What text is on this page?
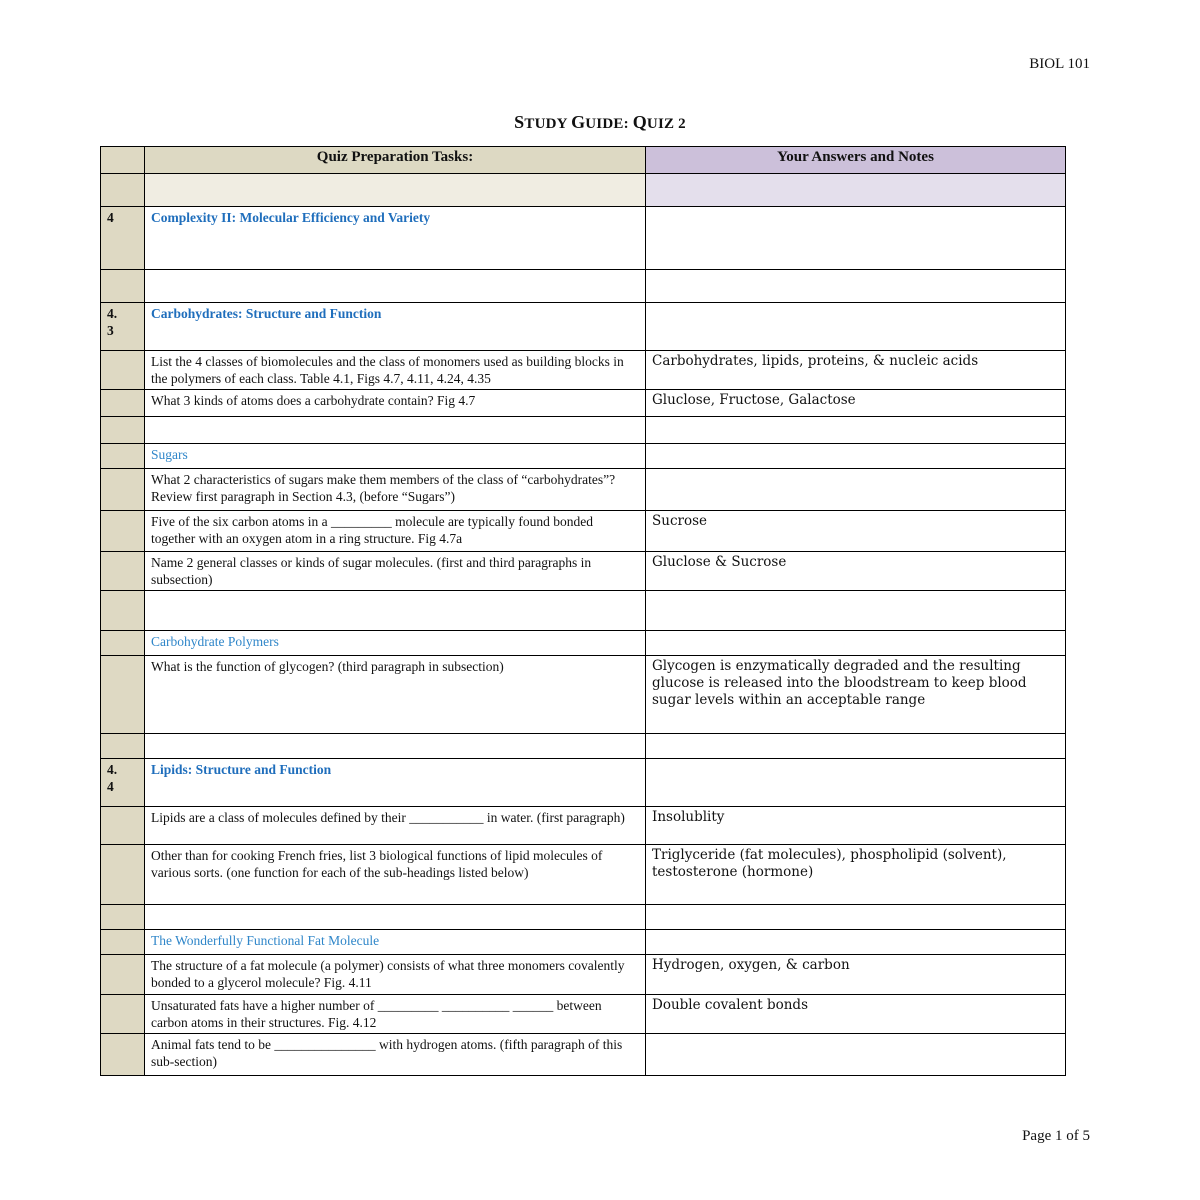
BIOL 101
STUDY GUIDE: QUIZ 2
	Quiz Preparation Tasks:	Your Answers and Notes

4	Complexity II: Molecular Efficiency and Variety	

4.
3	Carbohydrates: Structure and Function	
	List the 4 classes of biomolecules and the class of monomers used as building blocks in the polymers of each class. Table 4.1, Figs 4.7, 4.11, 4.24, 4.35	Carbohydrates, lipids, proteins, & nucleic acids
	What 3 kinds of atoms does a carbohydrate contain? Fig 4.7	Gluclose, Fructose, Galactose

	Sugars	
	What 2 characteristics of sugars make them members of the class of “carbohydrates”? Review first paragraph in Section 4.3, (before “Sugars”)	
	Five of the six carbon atoms in a _________ molecule are typically found bonded together with an oxygen atom in a ring structure. Fig 4.7a	Sucrose
	Name 2 general classes or kinds of sugar molecules. (first and third paragraphs in subsection)	Gluclose & Sucrose

	Carbohydrate Polymers	
	What is the function of glycogen? (third paragraph in subsection)	Glycogen is enzymatically degraded and the resulting glucose is released into the bloodstream to keep blood sugar levels within an acceptable range

4.
4	Lipids: Structure and Function	
	Lipids are a class of molecules defined by their ___________ in water. (first paragraph)	Insolublity
	Other than for cooking French fries, list 3 biological functions of lipid molecules of various sorts. (one function for each of the sub-headings listed below)	Triglyceride (fat molecules), phospholipid (solvent), testosterone (hormone)

	The Wonderfully Functional Fat Molecule	
	The structure of a fat molecule (a polymer) consists of what three monomers covalently bonded to a glycerol molecule? Fig. 4.11	Hydrogen, oxygen, & carbon
	Unsaturated fats have a higher number of _________ __________ ______ between carbon atoms in their structures. Fig. 4.12	Double covalent bonds
	Animal fats tend to be _______________ with hydrogen atoms. (fifth paragraph of this sub-section)	
Page 1 of 5
